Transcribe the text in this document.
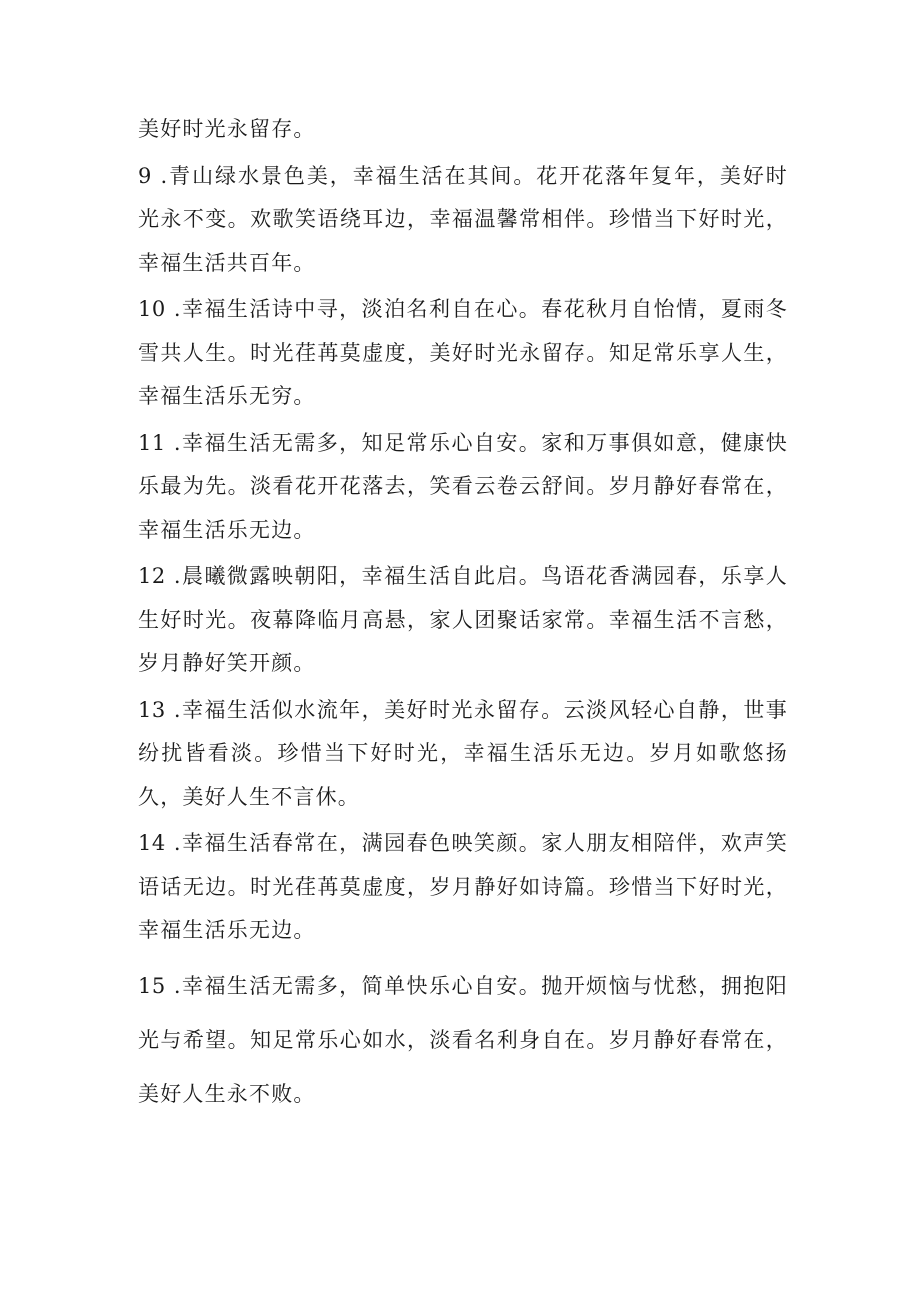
美好时光永留存。

9 .青山绿水景色美，幸福生活在其间。花开花落年复年，美好时光永不变。欢歌笑语绕耳边，幸福温馨常相伴。珍惜当下好时光，幸福生活共百年。

10 .幸福生活诗中寻，淡泊名利自在心。春花秋月自怡情，夏雨冬雪共人生。时光荏苒莫虚度，美好时光永留存。知足常乐享人生，幸福生活乐无穷。

11 .幸福生活无需多，知足常乐心自安。家和万事俱如意，健康快乐最为先。淡看花开花落去，笑看云卷云舒间。岁月静好春常在，幸福生活乐无边。

12 .晨曦微露映朝阳，幸福生活自此启。鸟语花香满园春，乐享人生好时光。夜幕降临月高悬，家人团聚话家常。幸福生活不言愁，岁月静好笑开颜。

13 .幸福生活似水流年，美好时光永留存。云淡风轻心自静，世事纷扰皆看淡。珍惜当下好时光，幸福生活乐无边。岁月如歌悠扬久，美好人生不言休。

14 .幸福生活春常在，满园春色映笑颜。家人朋友相陪伴，欢声笑语话无边。时光荏苒莫虚度，岁月静好如诗篇。珍惜当下好时光，幸福生活乐无边。

15 .幸福生活无需多，简单快乐心自安。抛开烦恼与忧愁，拥抱阳光与希望。知足常乐心如水，淡看名利身自在。岁月静好春常在，美好人生永不败。
